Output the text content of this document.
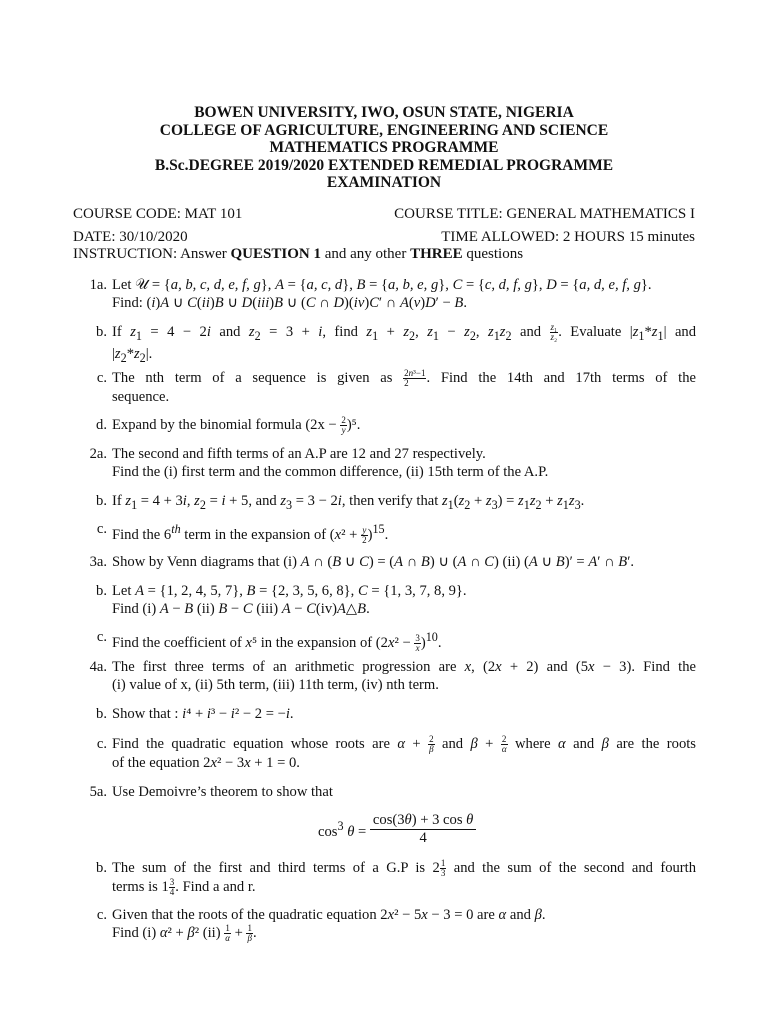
BOWEN UNIVERSITY, IWO, OSUN STATE, NIGERIA
COLLEGE OF AGRICULTURE, ENGINEERING AND SCIENCE
MATHEMATICS PROGRAMME
B.Sc.DEGREE 2019/2020 EXTENDED REMEDIAL PROGRAMME
EXAMINATION
COURSE CODE: MAT 101	COURSE TITLE: GENERAL MATHEMATICS I
DATE: 30/10/2020	TIME ALLOWED: 2 HOURS 15 minutes
INSTRUCTION: Answer QUESTION 1 and any other THREE questions
1a. Let 𝒰 = {a, b, c, d, e, f, g}, A = {a, c, d}, B = {a, b, e, g}, C = {c, d, f, g}, D = {a, d, e, f, g}.
Find: (i)A ∪ C(ii)B ∪ D(iii)B ∪ (C ∩ D)(iv)C′ ∩ A(v)D′ − B.
b. If $z_1 = 4 - 2i$ and $z_2 = 3 + i$, find $z_1 + z_2$, $z_1 - z_2$, $z_1z_2$ and $\frac{\text{z₁}}{\text{z₂}}$ . Evaluate $|z_1*z_1|$ and
$|z_2*z_2|$.
c. The nth term of a sequence is given as $\frac{\text{2n³−1}}{2}$ . Find the 14th and 17th terms of the
sequence.
d. Expand by the binomial formula $(2x - \frac{2}{y} )^5$.
2a. The second and fifth terms of an A.P are 12 and 27 respectively.
Find the (i) first term and the common difference, (ii) 15th term of the A.P.
b. If $z_1 = 4 + 3i$, $z_2 = i + 5$, and $z_3 = 3 - 2i$, then verify that $z_1(z_2 + z_3) = z_1z_2 + z_1z_3$.
c. Find the 6th term in the expansion of $(x^2 + \frac{y}{2} )^{15}$.
3a. Show by Venn diagrams that (i) A ∩ (B ∪ C) = (A ∩ B) ∪ (A ∩ C) (ii) (A ∪ B)′ = A′ ∩ B′.
b. Let A = {1, 2, 4, 5, 7}, B = {2, 3, 5, 6, 8}, C = {1, 3, 7, 8, 9}.
Find (i) A − B (ii) B − C (iii) A − C(iv)A△B.
c. Find the coefficient of x⁵ in the expansion of $(2x^2 - \frac{3}{x} )^{10}$.
4a. The first three terms of an arithmetic progression are x, (2x + 2) and (5x − 3). Find the
(i) value of x, (ii) 5th term, (iii) 11th term, (iv) nth term.
b. Show that : i⁴ + i³ − i² − 2 = −i.
c. Find the quadratic equation whose roots are $\alpha + \frac{2}{\beta}$ and $\beta + \frac{2}{\alpha}$ where α and β are the roots
of the equation 2x² − 3x + 1 = 0.
5a. Use Demoivre’s theorem to show that
$\cos^3 \theta = \frac{\text{cos(3θ) + 3 cos θ}}{4}$
b. The sum of the first and third terms of a G.P is $2 \frac{1}{3}$ and the sum of the second and fourth
terms is $1 \frac{3}{4}$ . Find a and r.
c. Given that the roots of the quadratic equation 2x² − 5x − 3 = 0 are α and β.
Find (i) α² + β² $(ii) \frac{1}{\alpha} + \frac{1}{\beta}$ .
